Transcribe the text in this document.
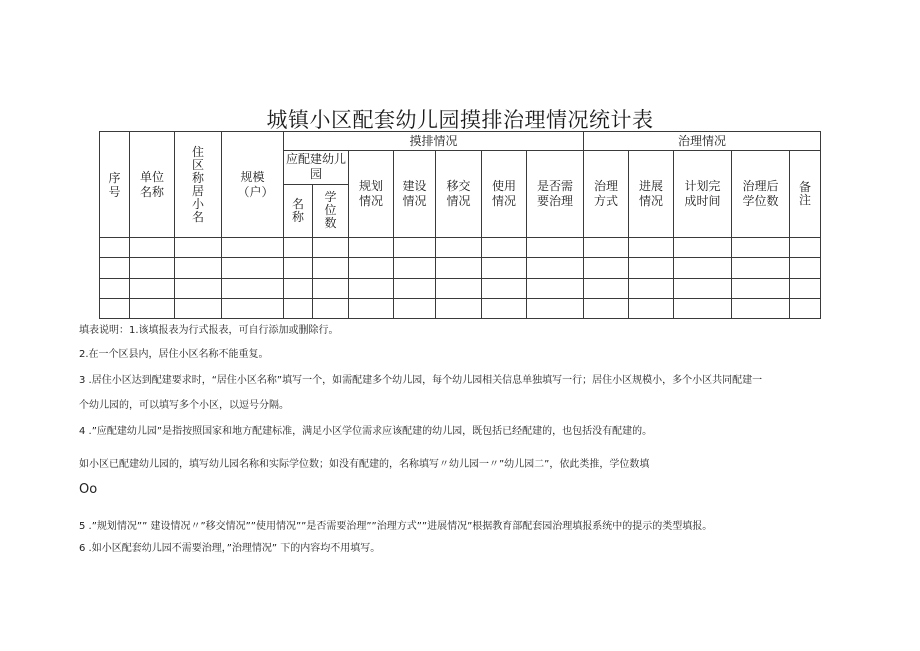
城镇小区配套幼儿园摸排治理情况统计表
序号	单位名称	住区称居小名	规模（户）	摸排情况							治理情况				

				应配建幼儿园		规划情况	建设情况	移交情况	使用情况	是否需要治理	治理方式	进展情况	计划完成时间	治理后学位数	备注

				名称	学位数										

填表说明：1.该填报表为行式报表，可自行添加或删除行。
2.在一个区县内，居住小区名称不能重复。
3 .居住小区达到配建要求时，“居住小区名称”填写一个，如需配建多个幼儿园，每个幼儿园相关信息单独填写一行；居住小区规模小，多个小区共同配建一
个幼儿园的，可以填写多个小区，以逗号分隔。
4 .”应配建幼儿园”是指按照国家和地方配建标准，满足小区学位需求应该配建的幼儿园，既包括已经配建的，也包括没有配建的。
如小区已配建幼儿园的，填写幼儿园名称和实际学位数；如没有配建的，名称填写〃幼儿园一〃”幼儿园二”，依此类推，学位数填
Oo
5 .”规划情况”” 建设情况〃”移交情况””使用情况””是否需要治理””治理方式””进展情况”根据教育部配套园治理填报系统中的提示的类型填报。
6 .如小区配套幼儿园不需要治理，”治理情况” 下的内容均不用填写。
